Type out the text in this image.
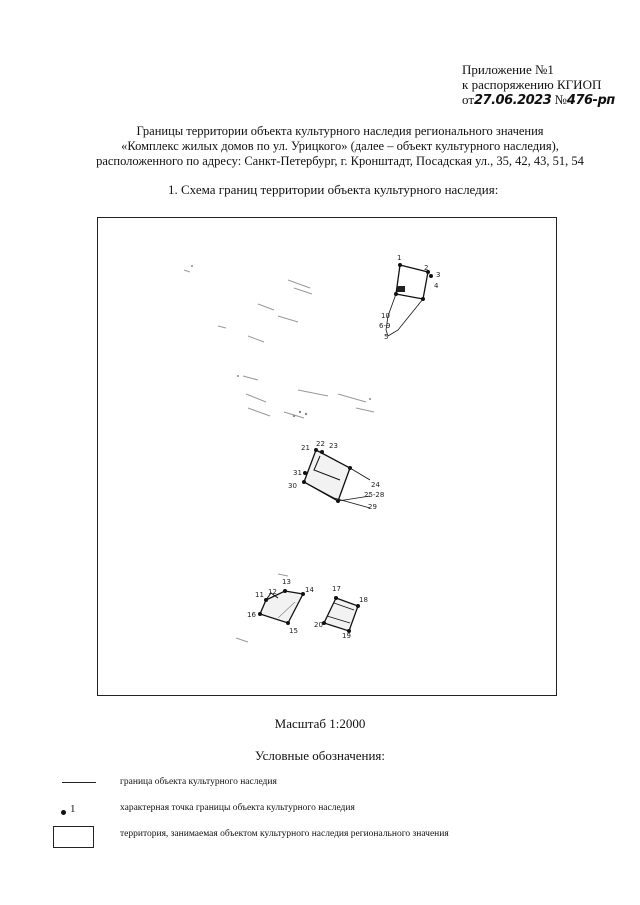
Приложение №1
к распоряжению КГИОП
от27.06.2023 №476-рп
Границы территории объекта культурного наследия регионального значения
«Комплекс жилых домов по ул. Урицкого» (далее – объект культурного наследия),
расположенного по адресу: Санкт-Петербург, г. Кронштадт, Посадская ул., 35, 42, 43, 51, 54
1. Схема границ территории объекта культурного наследия:
1
2
3
4
10
6-9
5
21 22 23
31
30	24
25-28
29
11 12
13
14
16
15
17
18
20
19
Масштаб 1:2000
Условные обозначения:
граница объекта культурного наследия
1	характерная точка границы объекта культурного наследия
территория, занимаемая объектом культурного наследия регионального значения
